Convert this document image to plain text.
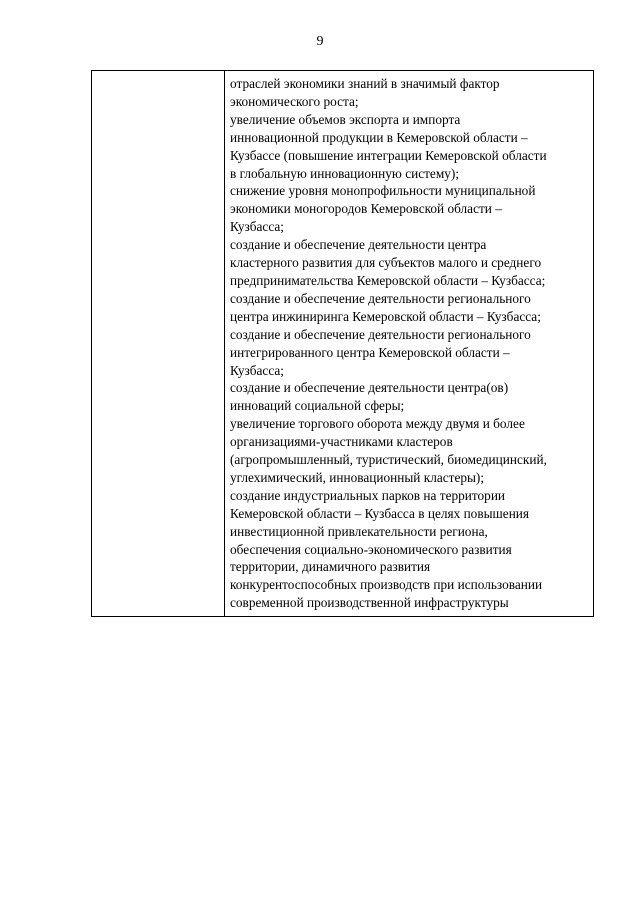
9

отраслей экономики знаний в значимый фактор
экономического роста;
увеличение объемов экспорта и импорта
инновационной продукции в Кемеровской области –
Кузбассе (повышение интеграции Кемеровской области
в глобальную инновационную систему);
снижение уровня монопрофильности муниципальной
экономики моногородов Кемеровской области –
Кузбасса;
создание и обеспечение деятельности центра
кластерного развития для субъектов малого и среднего
предпринимательства Кемеровской области – Кузбасса;
создание и обеспечение деятельности регионального
центра инжиниринга Кемеровской области – Кузбасса;
создание и обеспечение деятельности регионального
интегрированного центра Кемеровской области –
Кузбасса;
создание и обеспечение деятельности центра(ов)
инноваций социальной сферы;
увеличение торгового оборота между двумя и более
организациями-участниками кластеров
(агропромышленный, туристический, биомедицинский,
углехимический, инновационный кластеры);
создание индустриальных парков на территории
Кемеровской области – Кузбасса в целях повышения
инвестиционной привлекательности региона,
обеспечения социально-экономического развития
территории, динамичного развития
конкурентоспособных производств при использовании
современной производственной инфраструктуры
